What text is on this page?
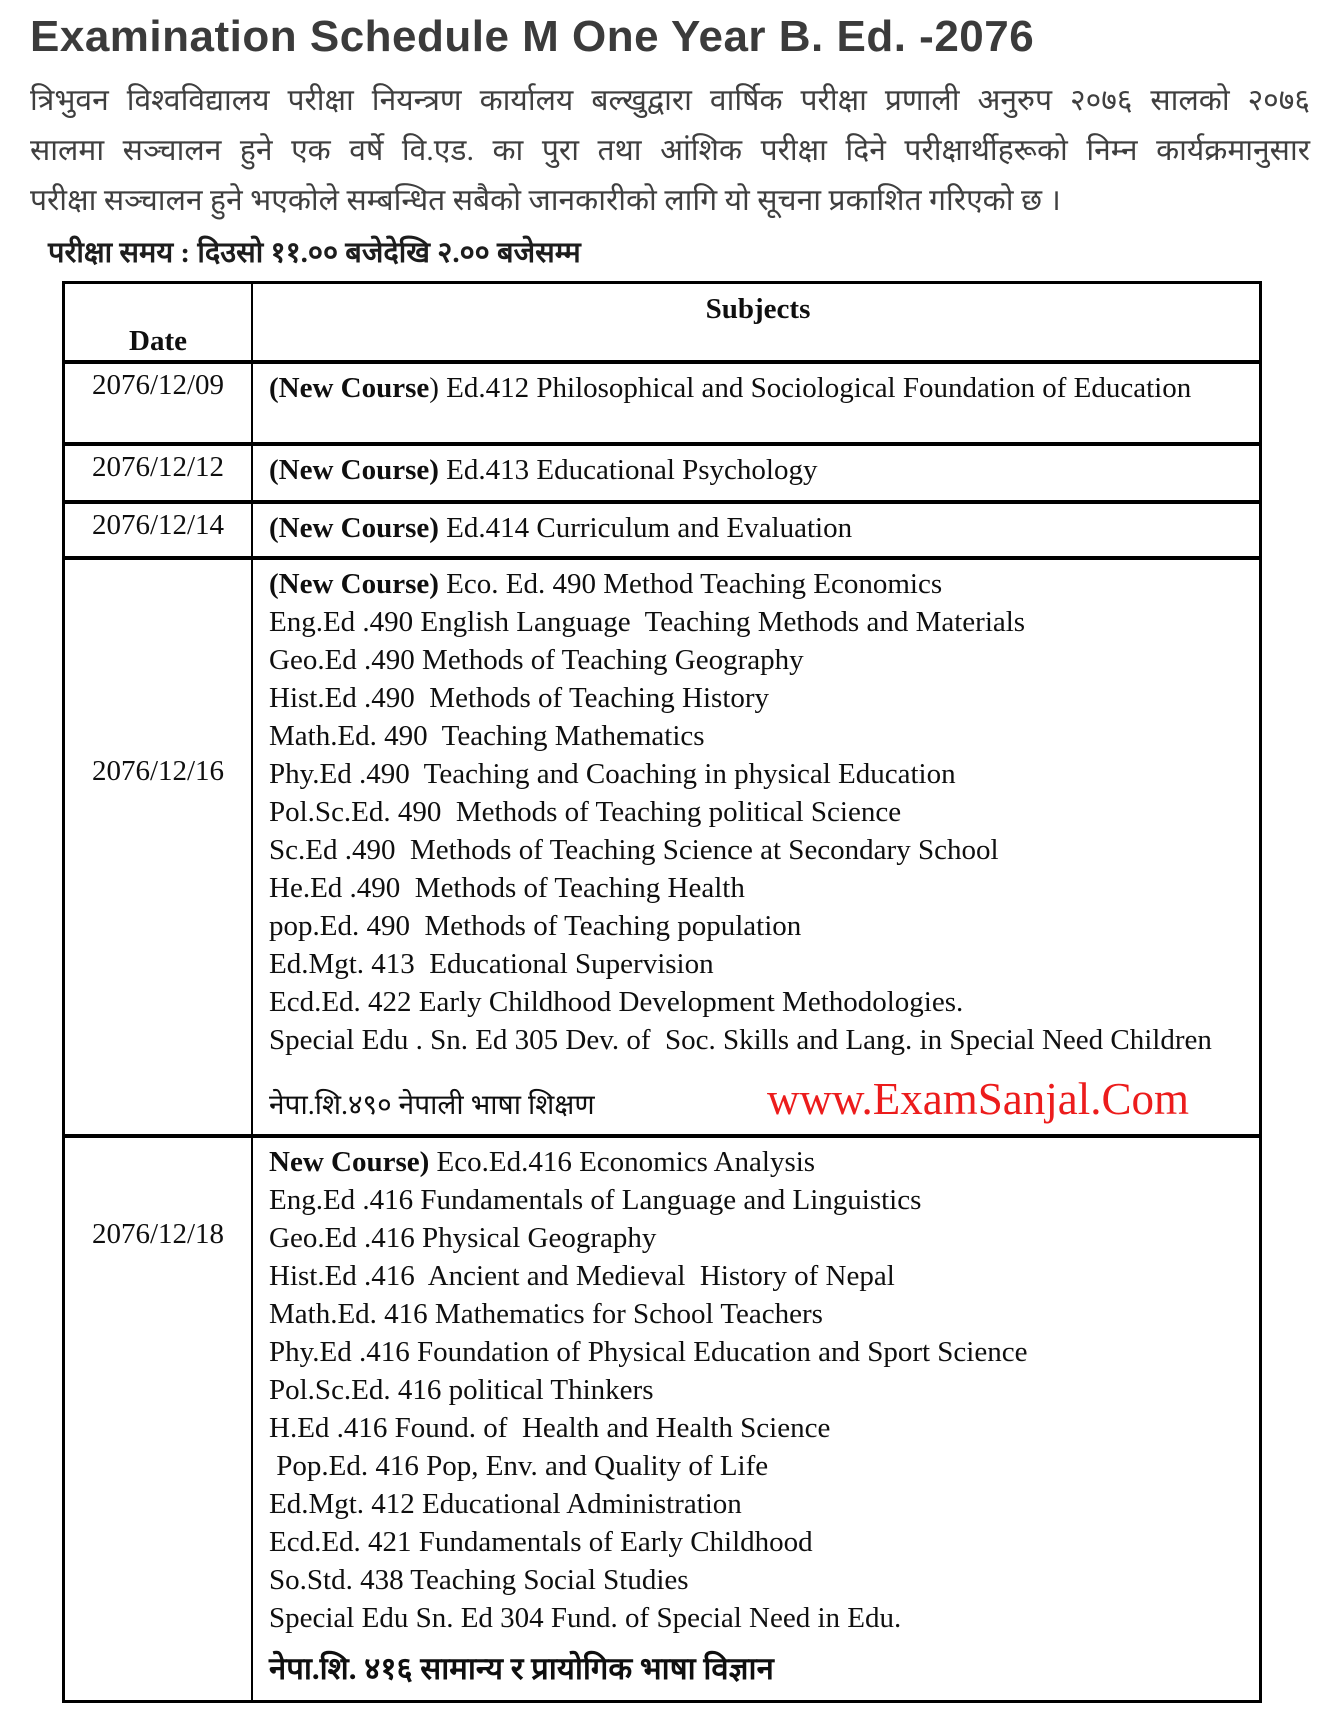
Examination Schedule M One Year B. Ed. -2076
त्रिभुवन विश्वविद्यालय परीक्षा नियन्त्रण कार्यालय बल्खुद्वारा वार्षिक परीक्षा प्रणाली अनुरुप २०७६ सालको २०७६
सालमा सञ्चालन हुने एक वर्षे वि.एड. का पुरा तथा आंशिक परीक्षा दिने परीक्षार्थीहरूको निम्न कार्यक्रमानुसार
परीक्षा सञ्चालन हुने भएकोले सम्बन्धित सबैको जानकारीको लागि यो सूचना प्रकाशित गरिएको छ ।
परीक्षा समय : दिउसो ११.०० बजेदेखि २.०० बजेसम्म
Date
Subjects
2076/12/09	(New Course) Ed.412 Philosophical and Sociological Foundation of Education
2076/12/12	(New Course) Ed.413 Educational Psychology
2076/12/14	(New Course) Ed.414 Curriculum and Evaluation
2076/12/16
(New Course) Eco. Ed. 490 Method Teaching Economics
Eng.Ed .490 English Language  Teaching Methods and Materials
Geo.Ed .490 Methods of Teaching Geography
Hist.Ed .490  Methods of Teaching History
Math.Ed. 490  Teaching Mathematics
Phy.Ed .490  Teaching and Coaching in physical Education
Pol.Sc.Ed. 490  Methods of Teaching political Science
Sc.Ed .490  Methods of Teaching Science at Secondary School
He.Ed .490  Methods of Teaching Health
pop.Ed. 490  Methods of Teaching population
Ed.Mgt. 413  Educational Supervision
Ecd.Ed. 422 Early Childhood Development Methodologies.
Special Edu . Sn. Ed 305 Dev. of  Soc. Skills and Lang. in Special Need Children
नेपा.शि.४९० नेपाली भाषा शिक्षण	www.ExamSanjal.Com
2076/12/18
New Course) Eco.Ed.416 Economics Analysis
Eng.Ed .416 Fundamentals of Language and Linguistics
Geo.Ed .416 Physical Geography
Hist.Ed .416  Ancient and Medieval  History of Nepal
Math.Ed. 416 Mathematics for School Teachers
Phy.Ed .416 Foundation of Physical Education and Sport Science
Pol.Sc.Ed. 416 political Thinkers
H.Ed .416 Found. of  Health and Health Science
Pop.Ed. 416 Pop, Env. and Quality of Life
Ed.Mgt. 412 Educational Administration
Ecd.Ed. 421 Fundamentals of Early Childhood
So.Std. 438 Teaching Social Studies
Special Edu Sn. Ed 304 Fund. of Special Need in Edu.
नेपा.शि. ४१६ सामान्य र प्रायोगिक भाषा विज्ञान
